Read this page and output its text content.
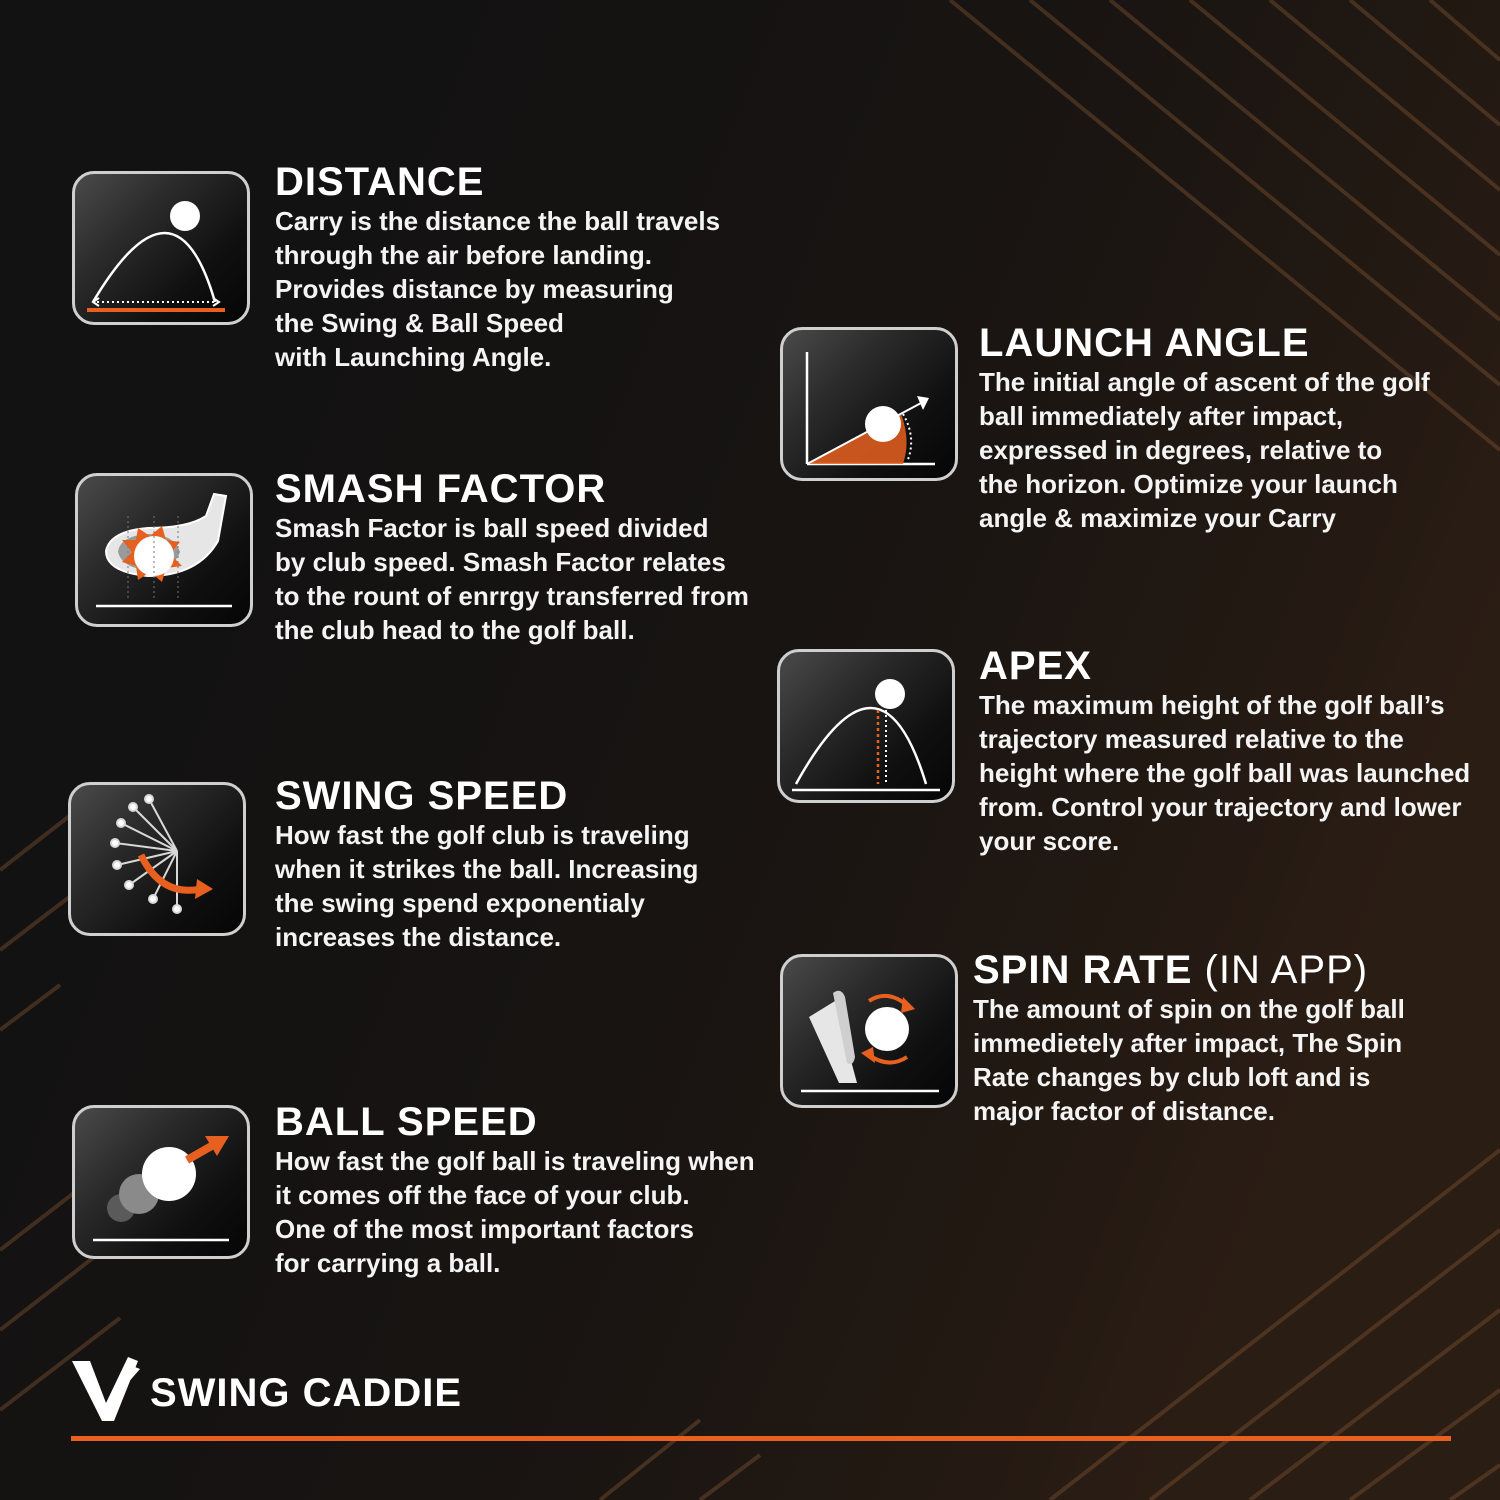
DISTANCE
Carry is the distance the ball travels
through the air before landing.
Provides distance by measuring
the Swing & Ball Speed
with Launching Angle.
SMASH FACTOR
Smash Factor is ball speed divided
by club speed. Smash Factor relates
to the rount of enrrgy transferred from
the club head to the golf ball.
SWING SPEED
How fast the golf club is traveling
when it strikes the ball. Increasing
the swing spend exponentialy
increases the distance.
BALL SPEED
How fast the golf ball is traveling when
it comes off the face of your club.
One of the most important factors
for carrying a ball.
LAUNCH ANGLE
The initial angle of ascent of the golf
ball immediately after impact,
expressed in degrees, relative to
the horizon. Optimize your launch
angle & maximize your Carry
APEX
The maximum height of the golf ball’s
trajectory measured relative to the
height where the golf ball was launched
from. Control your trajectory and lower
your score.
SPIN RATE (IN APP)
The amount of spin on the golf ball
immedietely after impact, The Spin
Rate changes by club loft and is
major factor of distance.
SWING CADDIE
